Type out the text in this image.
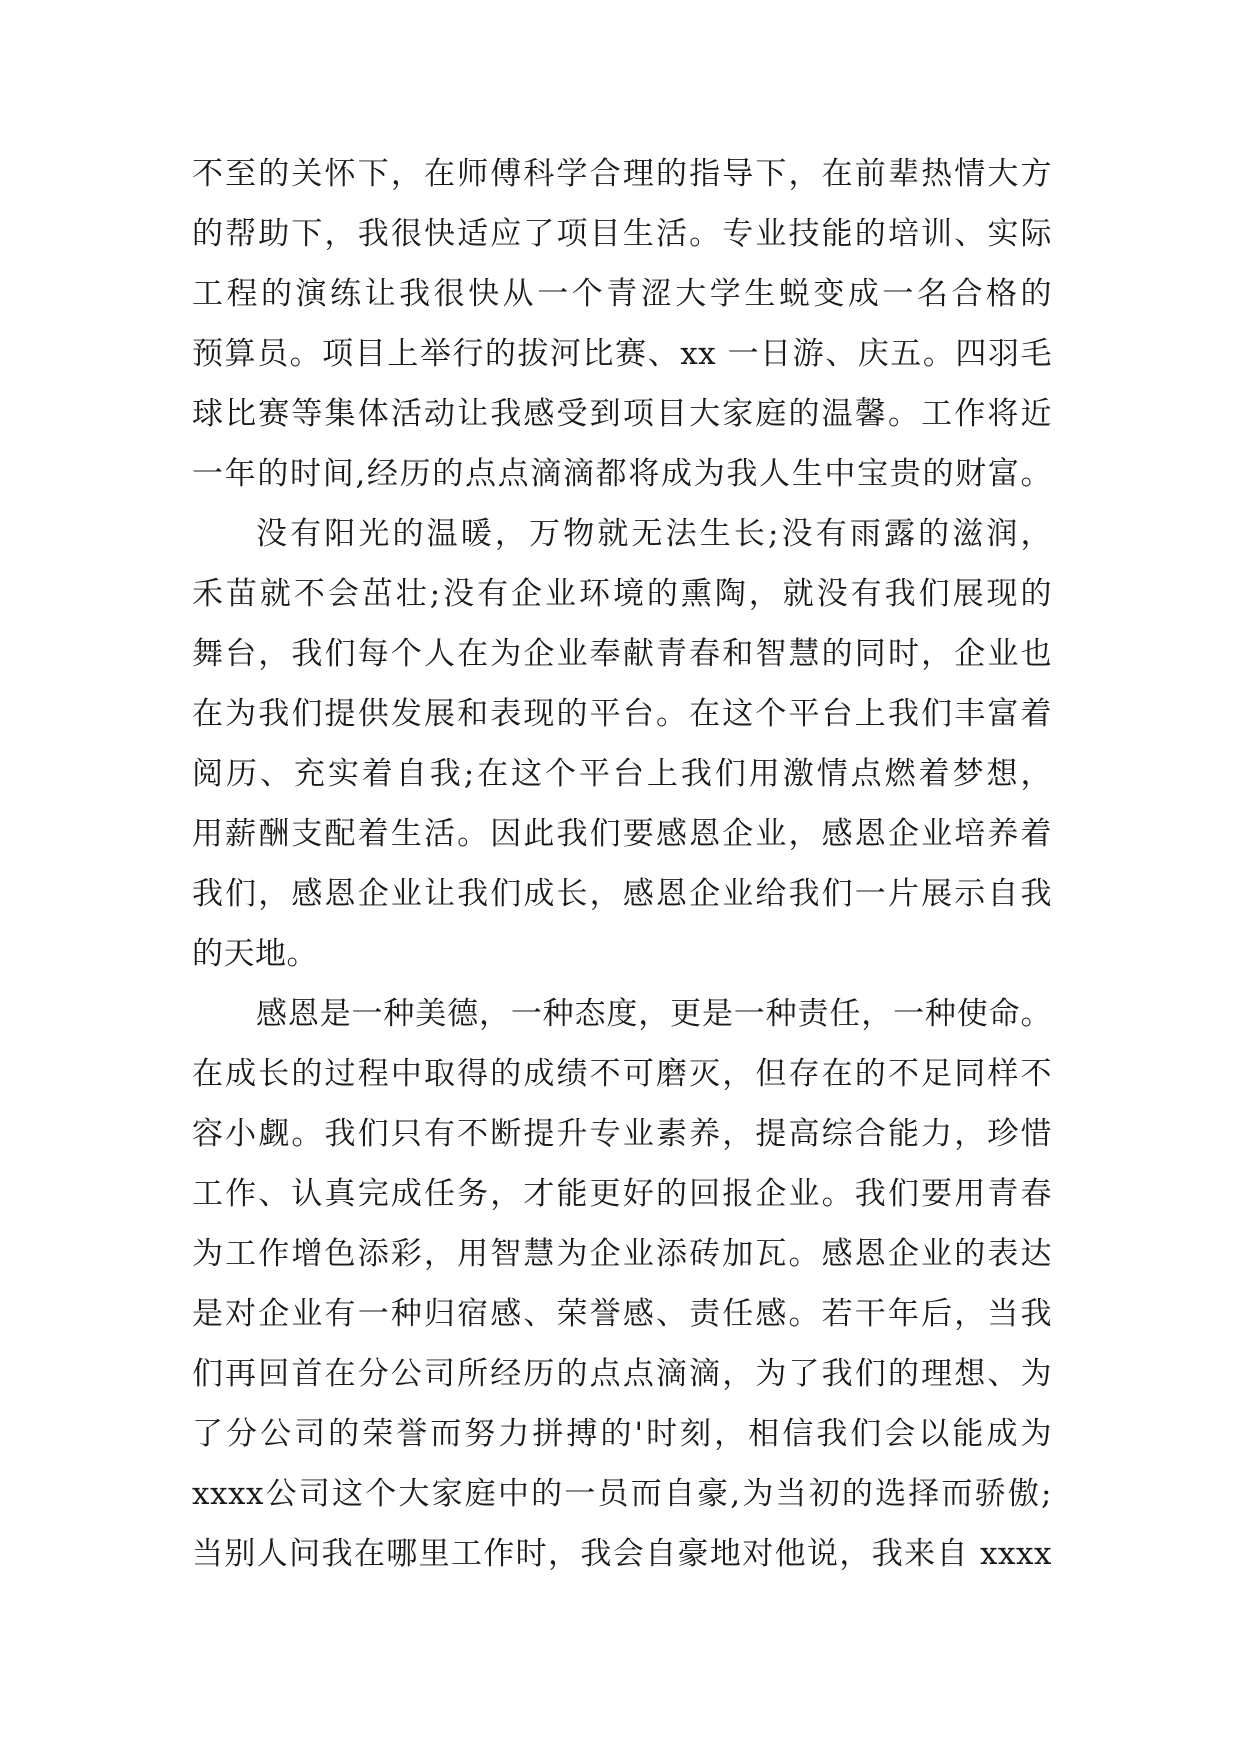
不至的关怀下，在师傅科学合理的指导下，在前辈热情大方
的帮助下，我很快适应了项目生活。专业技能的培训、实际
工程的演练让我很快从一个青涩大学生蜕变成一名合格的
预算员。项目上举行的拔河比赛、xx 一日游、庆五。四羽毛
球比赛等集体活动让我感受到项目大家庭的温馨。工作将近
一年的时间,经历的点点滴滴都将成为我人生中宝贵的财富。
没有阳光的温暖，万物就无法生长;没有雨露的滋润，
禾苗就不会茁壮;没有企业环境的熏陶，就没有我们展现的
舞台，我们每个人在为企业奉献青春和智慧的同时，企业也
在为我们提供发展和表现的平台。在这个平台上我们丰富着
阅历、充实着自我;在这个平台上我们用激情点燃着梦想，
用薪酬支配着生活。因此我们要感恩企业，感恩企业培养着
我们，感恩企业让我们成长，感恩企业给我们一片展示自我
的天地。
感恩是一种美德，一种态度，更是一种责任，一种使命。
在成长的过程中取得的成绩不可磨灭，但存在的不足同样不
容小觑。我们只有不断提升专业素养，提高综合能力，珍惜
工作、认真完成任务，才能更好的回报企业。我们要用青春
为工作增色添彩，用智慧为企业添砖加瓦。感恩企业的表达
是对企业有一种归宿感、荣誉感、责任感。若干年后，当我
们再回首在分公司所经历的点点滴滴，为了我们的理想、为
了分公司的荣誉而努力拼搏的'时刻，相信我们会以能成为
xxxx公司这个大家庭中的一员而自豪,为当初的选择而骄傲;
当别人问我在哪里工作时，我会自豪地对他说，我来自 xxxx
